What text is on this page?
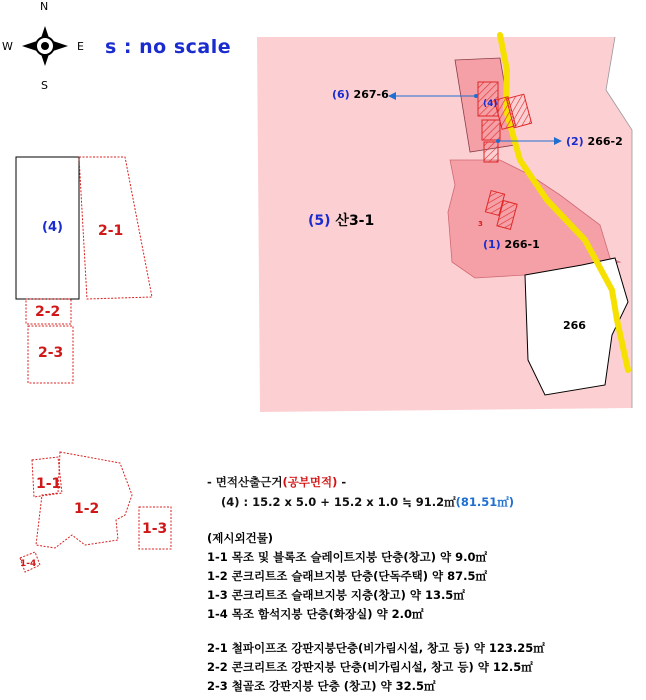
N
S
E
W	s : no scale
(6) 267-6
(2) 266-2
(1) 266-1
(5) 산3-1
266
(4)
3
(4)	2-1
2-2
2-3
1-1
1-2
1-3
1-4
- 면적산출근거(공부면적) -
(4) : 15.2 x 5.0 + 15.2 x 1.0 ≒ 91.2㎡(81.51㎡)
(제시외건물)
1-1 목조 및 블록조 슬레이트지붕 단층(창고) 약 9.0㎡
1-2 콘크리트조 슬래브지붕 단층(단독주택) 약 87.5㎡
1-3 콘크리트조 슬래브지붕 지층(창고) 약 13.5㎡
1-4 목조 함석지붕 단층(화장실) 약 2.0㎡
2-1 철파이프조 강판지붕단층(비가림시설, 창고 등) 약 123.25㎡
2-2 콘크리트조 강판지붕 단층(비가림시설, 창고 등) 약 12.5㎡
2-3 철골조 강판지붕 단층 (창고) 약 32.5㎡
